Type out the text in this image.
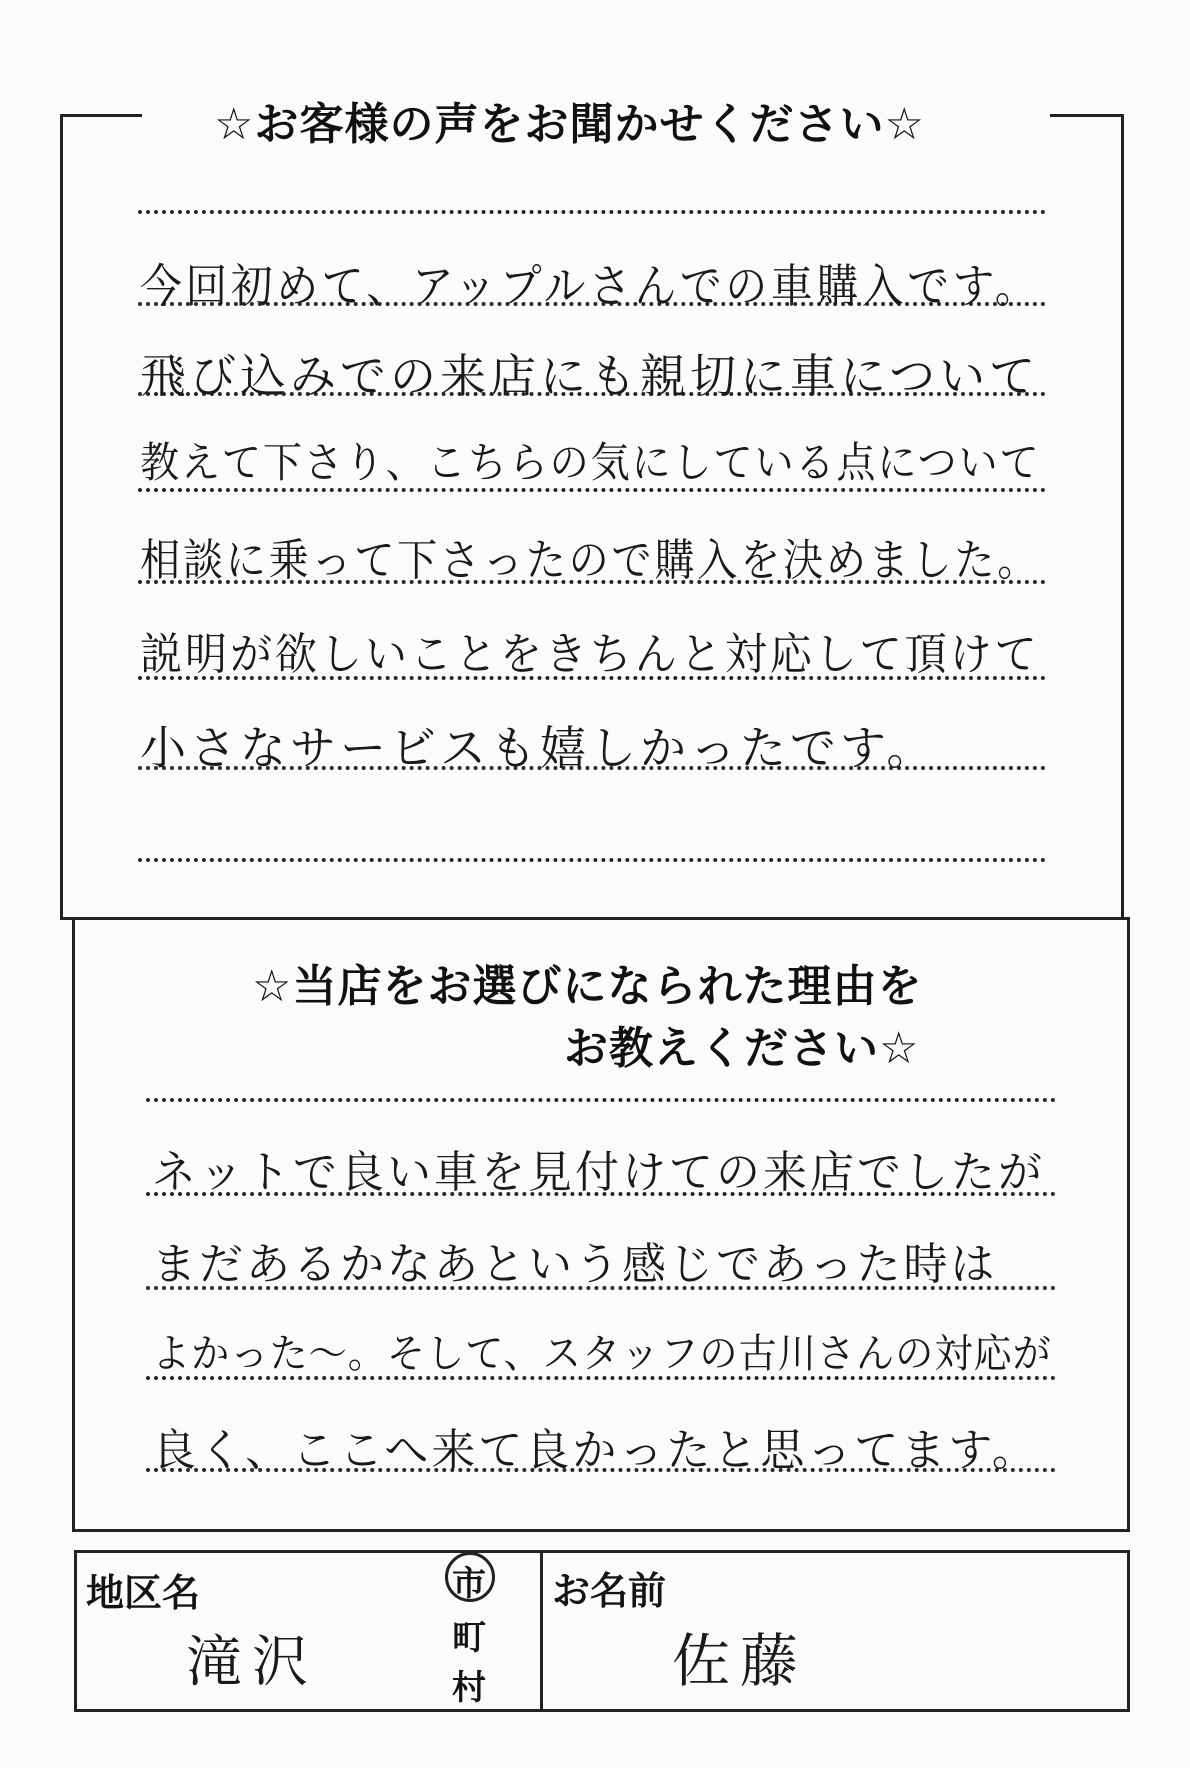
☆お客様の声をお聞かせください☆
今回初めて、アップルさんでの車購入です。
飛び込みでの来店にも親切に車について
教えて下さり、こちらの気にしている点について
相談に乗って下さったので購入を決めました。
説明が欲しいことをきちんと対応して頂けて
小さなサービスも嬉しかったです。
☆当店をお選びになられた理由を
お教えください☆
ネットで良い車を見付けての来店でしたが
まだあるかなあという感じであった時は
よかった〜。そして、スタッフの古川さんの対応が
良く、ここへ来て良かったと思ってます。
地区名
滝沢
市
町
村
お名前
佐藤
